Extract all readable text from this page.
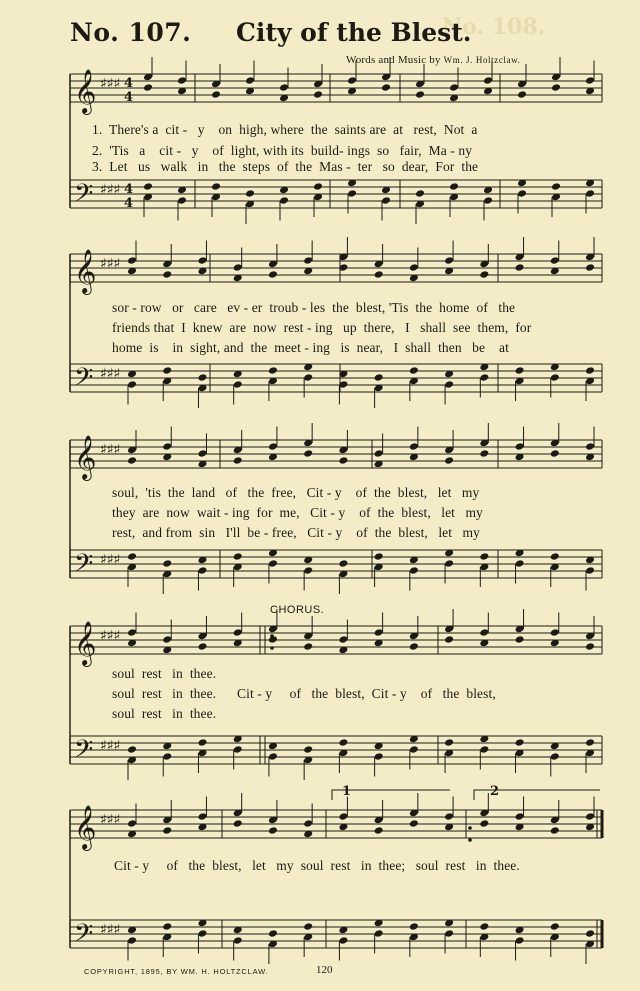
No. 108.
No. 107. City of the Blest.
Words and Music by Wm. J. Holtzclaw.
𝄞 ♯♯♯ 4
4
𝄢 ♯♯♯ 4
4
𝄞 ♯♯♯
𝄢 ♯♯♯
𝄞 ♯♯♯
𝄢 ♯♯♯
𝄞 ♯♯♯
𝄢 ♯♯♯
𝄞 ♯♯♯
𝄢 ♯♯♯
1.  There's a  cit -   y    on  high, where  the  saints are  at   rest,  Not  a
2.  'Tis   a    cit -   y    of  light, with its  build- ings  so   fair,  Ma - ny
3.  Let   us   walk   in   the  steps  of  the  Mas -  ter   so  dear,  For  the
sor - row   or   care   ev - er  troub - les  the  blest, 'Tis  the  home  of   the
friends that  I  knew  are  now  rest - ing   up  there,   I   shall  see  them,  for
home  is    in  sight, and  the  meet - ing   is  near,   I  shall  then   be    at
soul,  'tis  the  land   of   the  free,   Cit - y    of  the  blest,   let   my
they  are  now  wait - ing  for  me,   Cit - y    of  the  blest,   let   my
rest,  and from  sin   I'll  be - free,   Cit - y    of  the  blest,   let   my
CHORUS.
soul  rest   in  thee.
soul  rest   in  thee.      Cit - y     of   the  blest,  Cit - y    of   the  blest,
soul  rest   in  thee.
1	2
Cit - y     of   the  blest,   let   my  soul  rest   in  thee;   soul  rest   in  thee.
COPYRIGHT, 1895, BY WM. H. HOLTZCLAW.	120
